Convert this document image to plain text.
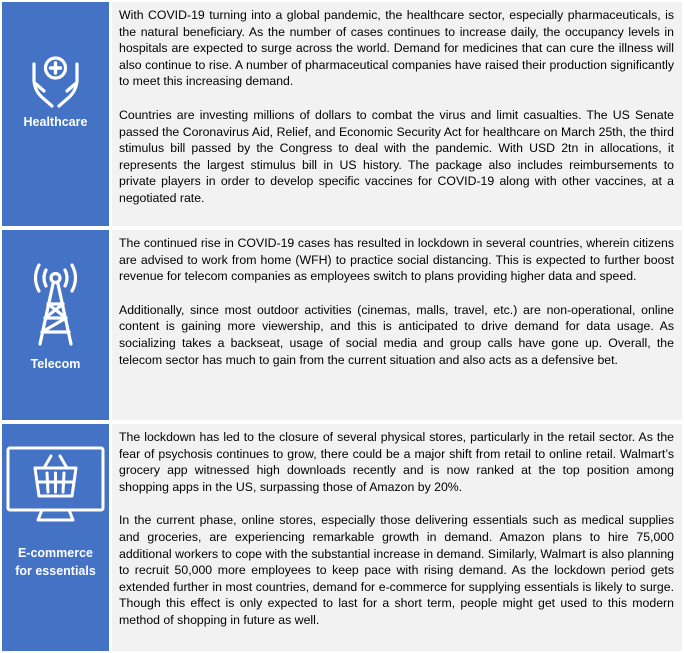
Healthcare

With COVID-19 turning into a global pandemic, the healthcare sector, especially pharmaceuticals, is the natural beneficiary. As the number of cases continues to increase daily, the occupancy levels in hospitals are expected to surge across the world. Demand for medicines that can cure the illness will also continue to rise. A number of pharmaceutical companies have raised their production significantly to meet this increasing demand.

Countries are investing millions of dollars to combat the virus and limit casualties. The US Senate passed the Coronavirus Aid, Relief, and Economic Security Act for healthcare on March 25th, the third stimulus bill passed by the Congress to deal with the pandemic. With USD 2tn in allocations, it represents the largest stimulus bill in US history. The package also includes reimbursements to private players in order to develop specific vaccines for COVID-19 along with other vaccines, at a negotiated rate.

Telecom

The continued rise in COVID-19 cases has resulted in lockdown in several countries, wherein citizens are advised to work from home (WFH) to practice social distancing. This is expected to further boost revenue for telecom companies as employees switch to plans providing higher data and speed.

Additionally, since most outdoor activities (cinemas, malls, travel, etc.) are non-operational, online content is gaining more viewership, and this is anticipated to drive demand for data usage. As socializing takes a backseat, usage of social media and group calls have gone up. Overall, the telecom sector has much to gain from the current situation and also acts as a defensive bet.

E-commerce for essentials

The lockdown has led to the closure of several physical stores, particularly in the retail sector. As the fear of psychosis continues to grow, there could be a major shift from retail to online retail. Walmart’s grocery app witnessed high downloads recently and is now ranked at the top position among shopping apps in the US, surpassing those of Amazon by 20%.

In the current phase, online stores, especially those delivering essentials such as medical supplies and groceries, are experiencing remarkable growth in demand. Amazon plans to hire 75,000 additional workers to cope with the substantial increase in demand. Similarly, Walmart is also planning to recruit 50,000 more employees to keep pace with rising demand. As the lockdown period gets extended further in most countries, demand for e-commerce for supplying essentials is likely to surge. Though this effect is only expected to last for a short term, people might get used to this modern method of shopping in future as well.
